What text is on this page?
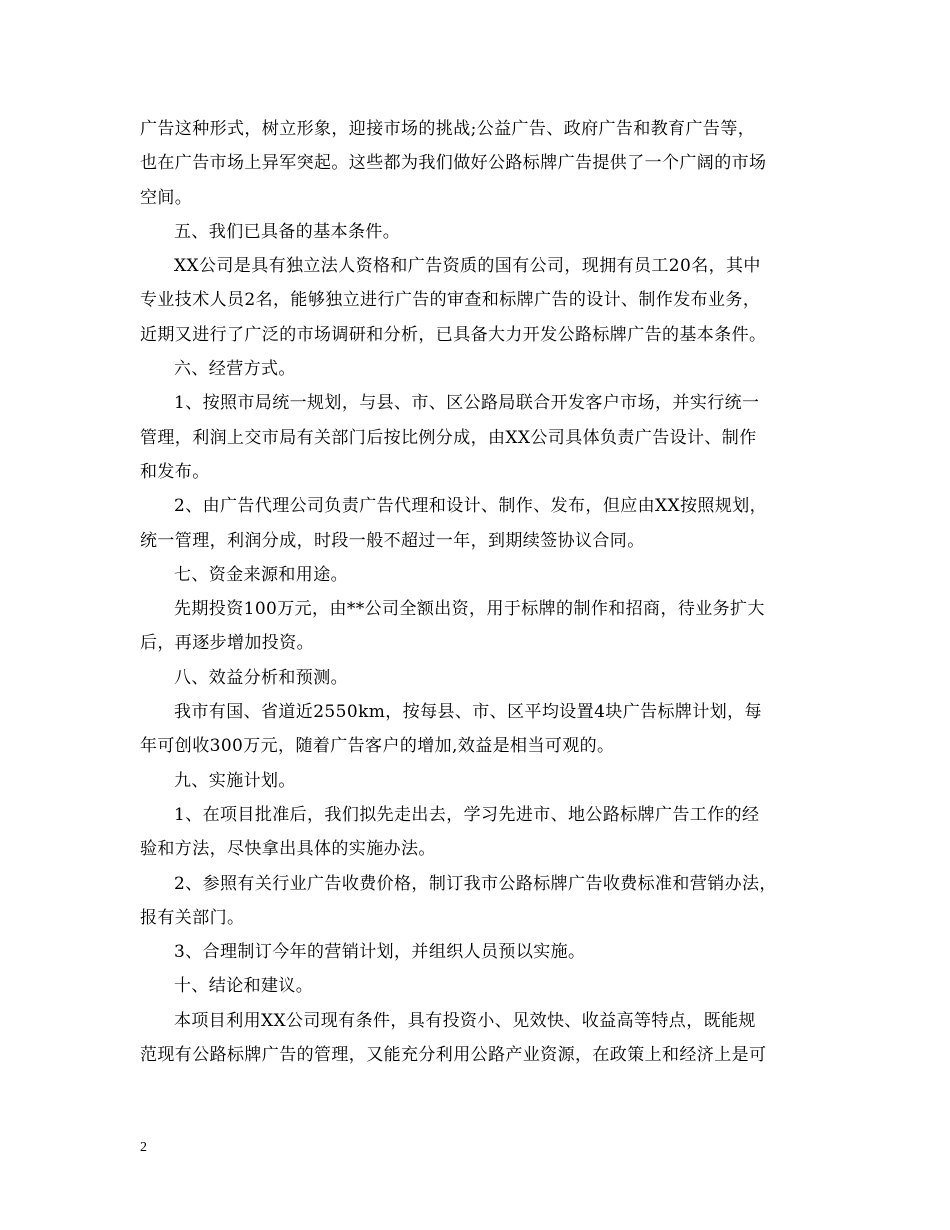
广告这种形式，树立形象，迎接市场的挑战;公益广告、政府广告和教育广告等，

也在广告市场上异军突起。这些都为我们做好公路标牌广告提供了一个广阔的市场

空间。

五、我们已具备的基本条件。

XX公司是具有独立法人资格和广告资质的国有公司，现拥有员工20名，其中

专业技术人员2名，能够独立进行广告的审查和标牌广告的设计、制作发布业务，

近期又进行了广泛的市场调研和分析，已具备大力开发公路标牌广告的基本条件。

六、经营方式。

1、按照市局统一规划，与县、市、区公路局联合开发客户市场，并实行统一

管理，利润上交市局有关部门后按比例分成，由XX公司具体负责广告设计、制作

和发布。

2、由广告代理公司负责广告代理和设计、制作、发布，但应由XX按照规划，

统一管理，利润分成，时段一般不超过一年，到期续签协议合同。

七、资金来源和用途。

先期投资100万元，由**公司全额出资，用于标牌的制作和招商，待业务扩大

后，再逐步增加投资。

八、效益分析和预测。

我市有国、省道近2550km，按每县、市、区平均设置4块广告标牌计划，每

年可创收300万元，随着广告客户的增加,效益是相当可观的。

九、实施计划。

1、在项目批准后，我们拟先走出去，学习先进市、地公路标牌广告工作的经

验和方法，尽快拿出具体的实施办法。

2、参照有关行业广告收费价格，制订我市公路标牌广告收费标准和营销办法，

报有关部门。

3、合理制订今年的营销计划，并组织人员预以实施。

十、结论和建议。

本项目利用XX公司现有条件，具有投资小、见效快、收益高等特点，既能规

范现有公路标牌广告的管理，又能充分利用公路产业资源，在政策上和经济上是可

2
